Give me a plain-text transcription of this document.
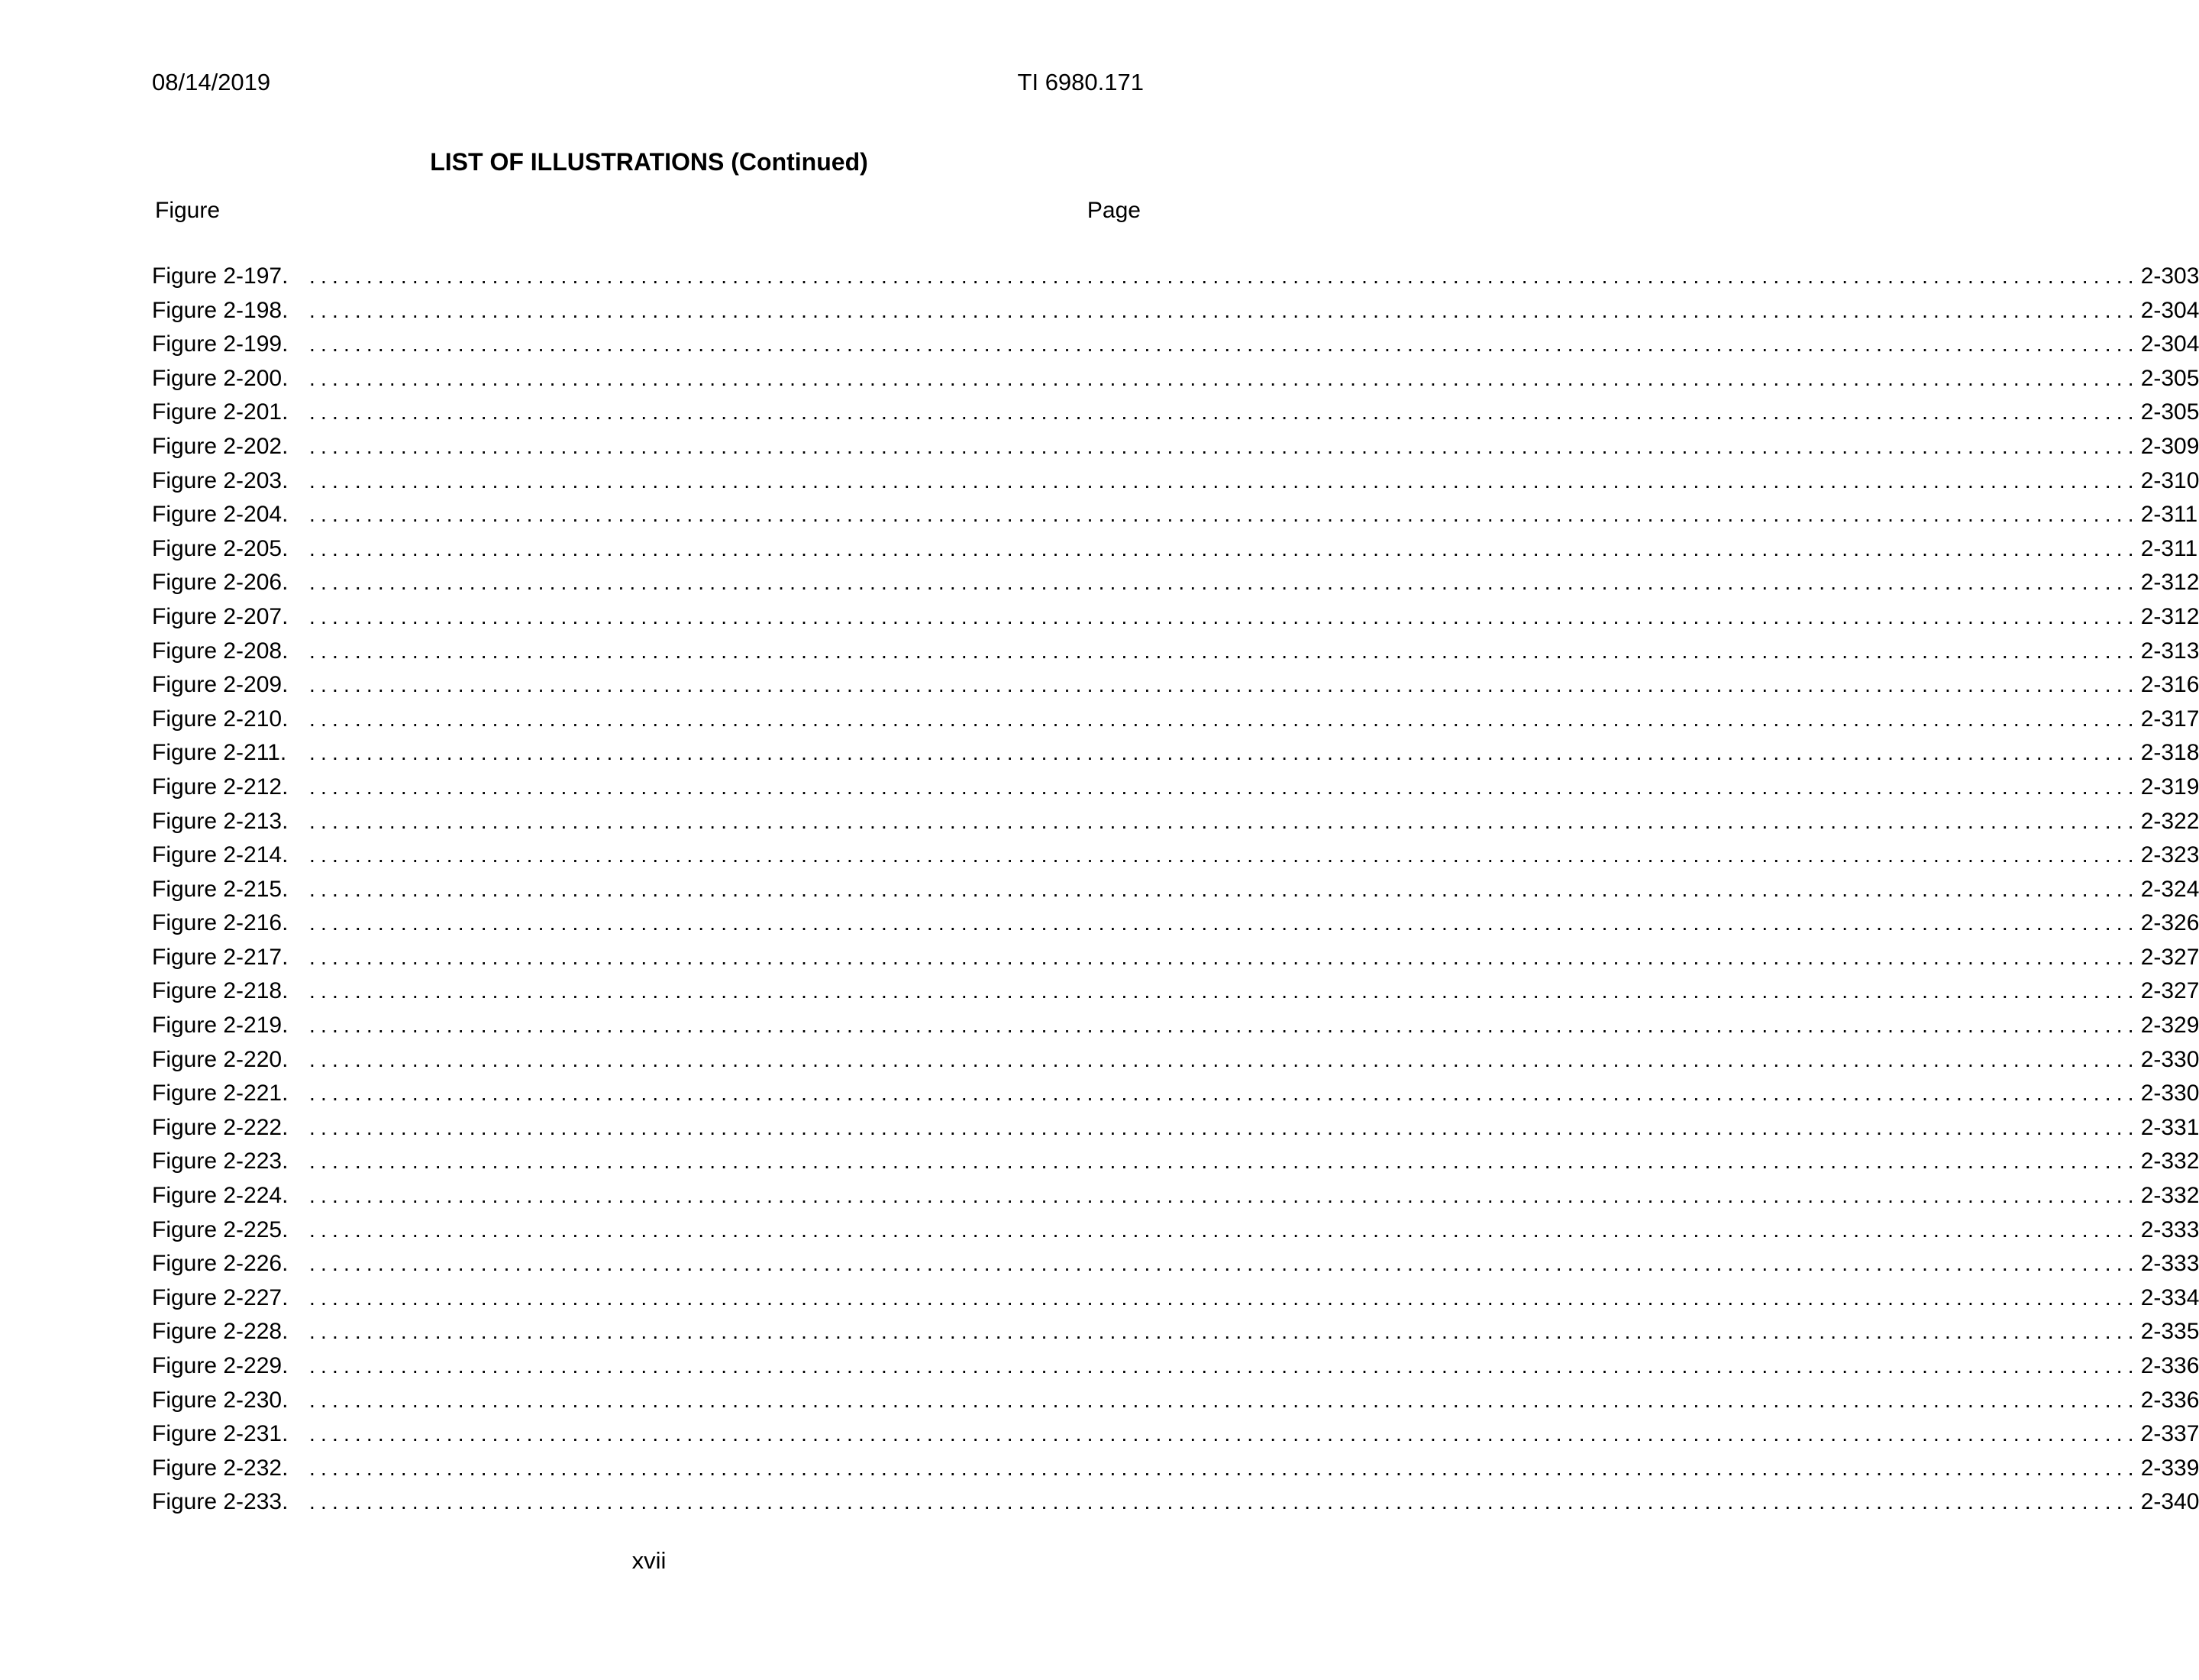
08/14/2019	TI 6980.171
LIST OF ILLUSTRATIONS (Continued)
Figure	Page
Figure 2-197. ................................................................................................................................................................ 2-303
Figure 2-198. ................................................................................................................................................................ 2-304
Figure 2-199. ................................................................................................................................................................ 2-304
Figure 2-200. ................................................................................................................................................................ 2-305
Figure 2-201. ................................................................................................................................................................ 2-305
Figure 2-202. ................................................................................................................................................................ 2-309
Figure 2-203. ................................................................................................................................................................ 2-310
Figure 2-204. ................................................................................................................................................................ 2-311
Figure 2-205. ................................................................................................................................................................ 2-311
Figure 2-206. ................................................................................................................................................................ 2-312
Figure 2-207. ................................................................................................................................................................ 2-312
Figure 2-208. ................................................................................................................................................................ 2-313
Figure 2-209. ................................................................................................................................................................ 2-316
Figure 2-210. ................................................................................................................................................................ 2-317
Figure 2-211.	................................................................................................................................................................ 2-318
Figure 2-212. ................................................................................................................................................................ 2-319
Figure 2-213. ................................................................................................................................................................ 2-322
Figure 2-214. ................................................................................................................................................................ 2-323
Figure 2-215. ................................................................................................................................................................ 2-324
Figure 2-216. ................................................................................................................................................................ 2-326
Figure 2-217. ................................................................................................................................................................ 2-327
Figure 2-218. ................................................................................................................................................................ 2-327
Figure 2-219. ................................................................................................................................................................ 2-329
Figure 2-220. ................................................................................................................................................................ 2-330
Figure 2-221. ................................................................................................................................................................ 2-330
Figure 2-222. ................................................................................................................................................................ 2-331
Figure 2-223. ................................................................................................................................................................ 2-332
Figure 2-224. ................................................................................................................................................................ 2-332
Figure 2-225. ................................................................................................................................................................ 2-333
Figure 2-226. ................................................................................................................................................................ 2-333
Figure 2-227. ................................................................................................................................................................ 2-334
Figure 2-228. ................................................................................................................................................................ 2-335
Figure 2-229. ................................................................................................................................................................ 2-336
Figure 2-230. ................................................................................................................................................................ 2-336
Figure 2-231. ................................................................................................................................................................ 2-337
Figure 2-232. ................................................................................................................................................................ 2-339
Figure 2-233. ................................................................................................................................................................ 2-340
xvii
